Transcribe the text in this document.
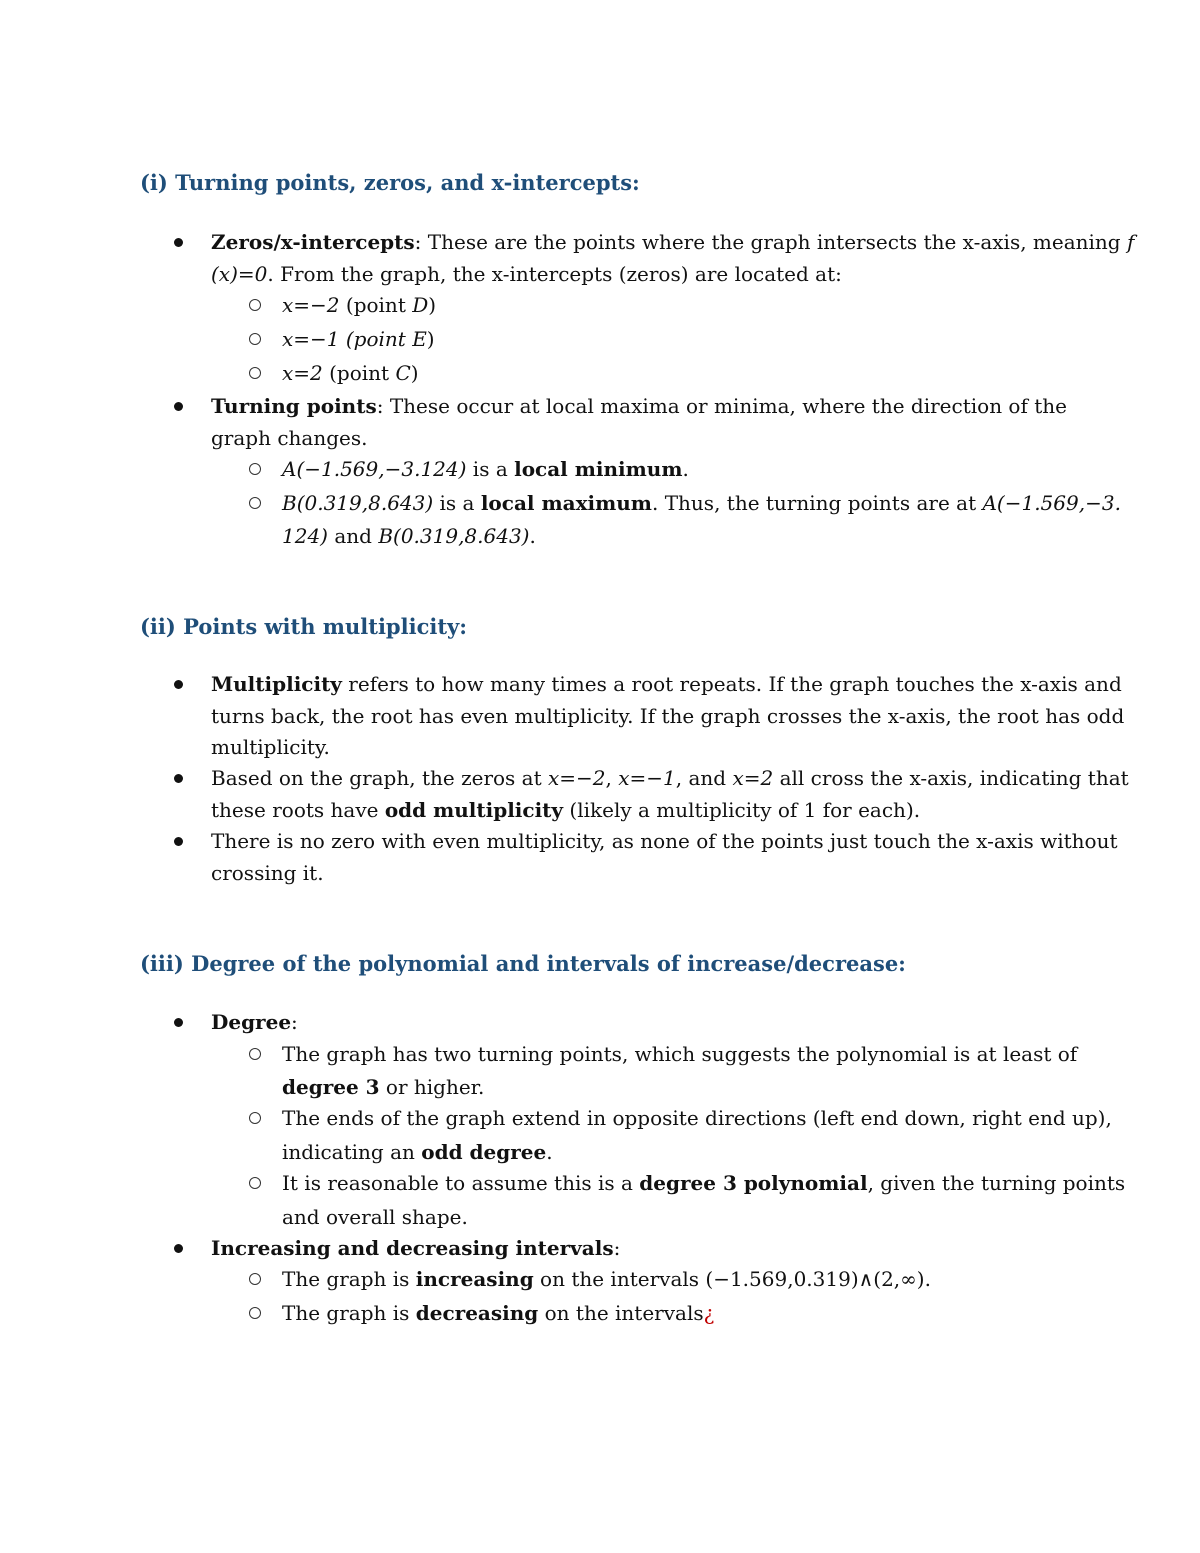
(i) Turning points, zeros, and x-intercepts:
Zeros/x-intercepts: These are the points where the graph intersects the x-axis, meaning f
(x)=0. From the graph, the x-intercepts (zeros) are located at:
x=−2 (point D)
x=−1 (point E)
x=2 (point C)
Turning points: These occur at local maxima or minima, where the direction of the
graph changes.
A(−1.569,−3.124) is a local minimum.
B(0.319,8.643) is a local maximum. Thus, the turning points are at A(−1.569,−3.
124) and B(0.319,8.643).
(ii) Points with multiplicity:
Multiplicity refers to how many times a root repeats. If the graph touches the x-axis and
turns back, the root has even multiplicity. If the graph crosses the x-axis, the root has odd
multiplicity.
Based on the graph, the zeros at x=−2, x=−1, and x=2 all cross the x-axis, indicating that
these roots have odd multiplicity (likely a multiplicity of 1 for each).
There is no zero with even multiplicity, as none of the points just touch the x-axis without
crossing it.
(iii) Degree of the polynomial and intervals of increase/decrease:
Degree:
The graph has two turning points, which suggests the polynomial is at least of
degree 3 or higher.
The ends of the graph extend in opposite directions (left end down, right end up),
indicating an odd degree.
It is reasonable to assume this is a degree 3 polynomial, given the turning points
and overall shape.
Increasing and decreasing intervals:
The graph is increasing on the intervals (−1.569,0.319)∧(2,∞).
The graph is decreasing on the intervals¿
